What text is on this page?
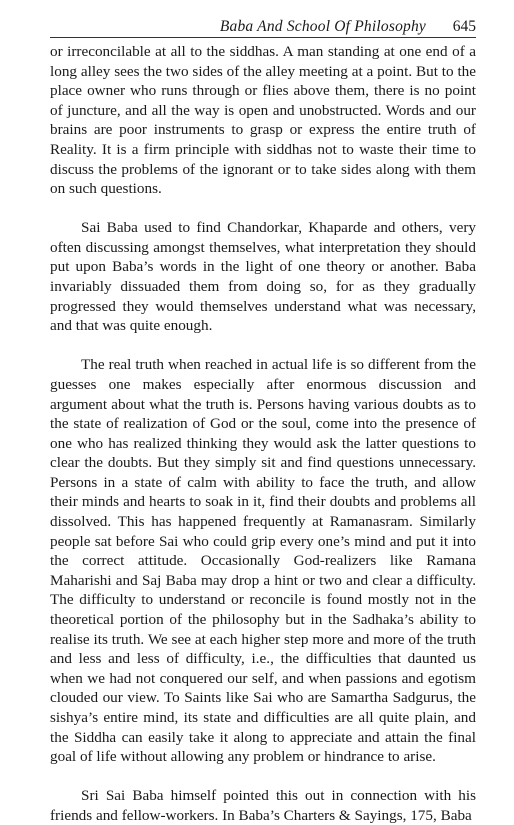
Baba And School Of Philosophy 645

or irreconcilable at all to the siddhas. A man standing at one end of a long alley sees the two sides of the alley meeting at a point. But to the place owner who runs through or flies above them, there is no point of juncture, and all the way is open and unobstructed. Words and our brains are poor instruments to grasp or express the entire truth of Reality. It is a firm principle with siddhas not to waste their time to discuss the problems of the ignorant or to take sides along with them on such questions.

Sai Baba used to find Chandorkar, Khaparde and others, very often discussing amongst themselves, what interpretation they should put upon Baba’s words in the light of one theory or another. Baba invariably dissuaded them from doing so, for as they gradually progressed they would themselves understand what was necessary, and that was quite enough.

The real truth when reached in actual life is so different from the guesses one makes especially after enormous discussion and argument about what the truth is. Persons having various doubts as to the state of realization of God or the soul, come into the presence of one who has realized thinking they would ask the latter questions to clear the doubts. But they simply sit and find questions unnecessary. Persons in a state of calm with ability to face the truth, and allow their minds and hearts to soak in it, find their doubts and problems all dissolved. This has happened frequently at Ramanasram. Similarly people sat before Sai who could grip every one’s mind and put it into the correct attitude. Occasionally God-realizers like Ramana Maharishi and Saj Baba may drop a hint or two and clear a difficulty. The difficulty to understand or reconcile is found mostly not in the theoretical portion of the philosophy but in the Sadhaka’s ability to realise its truth. We see at each higher step more and more of the truth and less and less of difficulty, i.e., the difficulties that daunted us when we had not conquered our self, and when passions and egotism clouded our view. To Saints like Sai who are Samartha Sadgurus, the sishya’s entire mind, its state and difficulties are all quite plain, and the Siddha can easily take it along to appreciate and attain the final goal of life without allowing any problem or hindrance to arise.

Sri Sai Baba himself pointed this out in connection with his friends and fellow-workers. In Baba’s Charters & Sayings, 175, Baba
